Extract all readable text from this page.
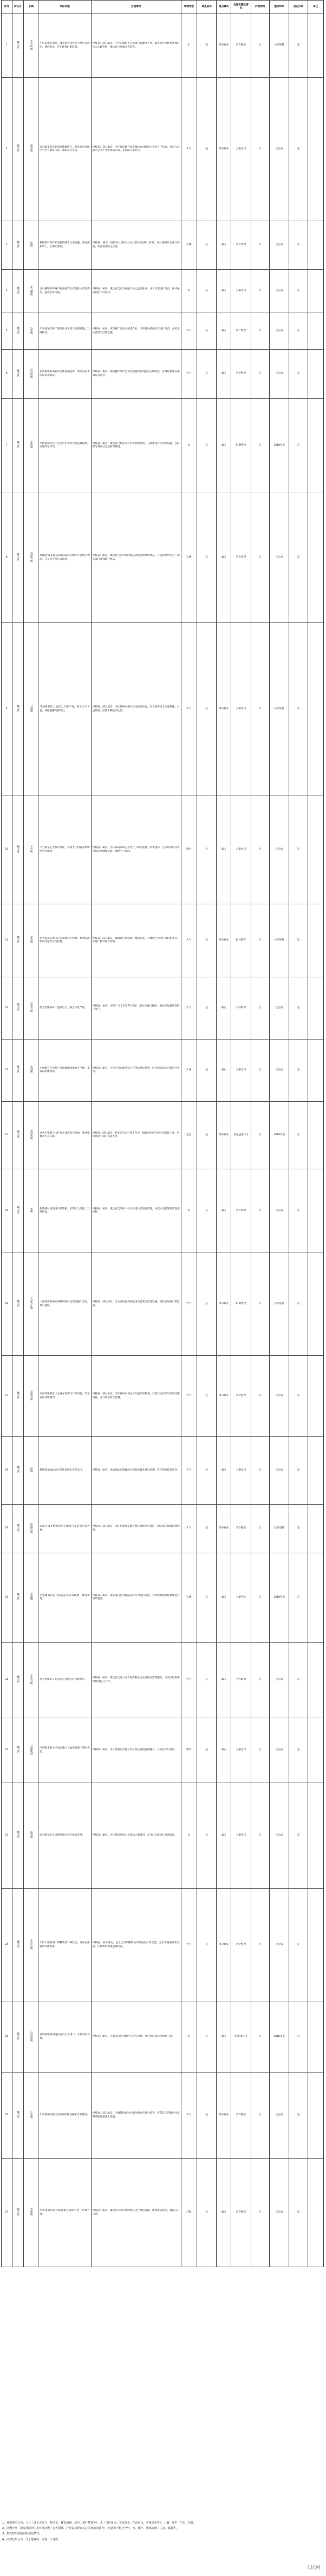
序号	所在区	乡镇	举报问题	办理情况	环境类型	调查核实	是否属实	处理和整改情况	问责情况	整改时限	是否办结	备注
1	顺义区	牛栏山镇	牛栏山镇养殖场、屠宰场等多处位于潮白河沿岸，排放废水，存在环境污染问题。	经核查：部分属实。牛栏山镇相关养殖场已按要求关停，屠宰场污水经预处理后排入市政管网，镇政府已加强日常巡查。	水	是	部分属实	责令整改	无	长期坚持	是	
2	顺义区	南彩镇	南彩镇多家企业夜间偷排废气，附近居民反映空气中有刺鼻气味，影响正常生活。	经核查：部分属实。区环保局联合南彩镇政府对周边企业进行了检查，对存在问题的企业下达整改通知书，并依法立案处罚。	大气	是	部分属实	立案处罚	无	已完成	是	
3	顺义区	杨镇	杨镇某村存在非法倾倒建筑垃圾问题，堆放面积较大，长期未清理。	经核查：属实。镇政府已组织人员对建筑垃圾进行清理，并对倾倒行为进行调查，加强巡查防止反弹。	土壤	是	属实	责令清理	无	已完成	是	
4	顺义区	北石槽镇	北石槽镇有养殖户将养殖粪污直接排入附近沟渠，造成水体污染。	经核查：属实。镇政府已责令养殖户停止违法排放，并对沟渠进行清淤，区环保局依法予以处罚。	水	是	属实	立案处罚	无	已完成	是	
5	顺义区	仁和镇	仁和镇某汽修厂喷漆作业无废气处理设施，异味扰民。	经核查：属实。该汽修厂已停止喷漆作业，区环保局依法对其进行处罚，并要求完善废气处理设施。	大气	是	属实	停产整改	无	已完成	是	
6	顺义区	后沙峪镇	后沙峪镇某商业综合体油烟直排，周边居民多次投诉未解决。	经核查：属实。相关餐饮单位已安装油烟净化设施并定期清洗，区城管执法局加强日常监管。	大气	是	属实	责令整改	无	已完成	是	
7	顺义区	李桥镇	李桥镇部分村庄生活污水未经处理直接排放，污染周边环境。	经核查：属实。镇政府已制定农村污水治理计划，分批建设污水处理设施，目前部分村庄已完成管网铺设。	水	是	属实	限期整改	无	2018年底	否	
8	顺义区	高丽营镇	高丽营镇某废品回收站露天堆放大量废旧物品，存在火灾及污染隐患。	经核查：属实。镇政府已责令该回收站清理违规堆放物品，并规范经营行为，相关部门加强联合执法。	土壤	是	属实	责令清理	无	已完成	是	
9	顺义区	马坡镇	马坡镇多处工地扬尘污染严重，渣土车未苫盖，道路遗撒问题突出。	经核查：部分属实。区住建委对相关工地进行检查，责令落实扬尘治理措施，对违规渣土运输车辆依法处罚。	大气	是	部分属实	立案处罚	无	长期坚持	是	
10	顺义区	天竺镇	天竺镇某企业噪声扰民，夜间生产机器轰鸣影响居民休息。	经核查：属实。区环保局对该企业进行了噪声监测，结果超标，已依法处罚并责令其安装降噪设施，调整生产时间。	噪声	是	属实	立案处罚	无	已完成	是	
11	顺义区	北务镇	北务镇部分农田存在焚烧秸秆现象，烟雾弥漫影响交通和空气质量。	经核查：部分属实。镇政府已加强秸秆禁烧巡查，对焚烧行为进行劝阻和处罚，并推广秸秆综合利用。	大气	是	部分属实	批评教育	无	长期坚持	是	
12	顺义区	赵全营镇	赵全营镇某砖厂违规生产，烟尘排放严重。	经核查：属实。该砖厂已于2017年关停，相关设备已拆除，镇政府加强巡查防止复产。	大气	是	属实	关停取缔	无	已完成	是	
13	顺义区	木林镇	木林镇有企业将工业固废随意堆放于空地，未采取防渗措施。	经核查：属实。企业已将固废清运至有资质单位处置，区环保局依法对其进行处罚。	土壤	是	属实	立案处罚	无	已完成	是	
14	顺义区	龙湾屯镇	龙湾屯镇部分山区存在违规采石现象，破坏植被和生态环境。	经核查：部分属实。相关采石点已停止作业，镇政府组织开展生态修复工作，区规划国土部门依法查处。	生态	是	部分属实	停止违法行为	无	2018年底	否	
15	顺义区	张镇	张镇某村河道内垃圾堆积，长期无人清理，异味明显。	经核查：属实。镇政府已组织人员对河道垃圾进行清理，并建立河长制日常巡查机制。	水	是	属实	责令清理	无	已完成	是	
16	顺义区	大孙各庄镇	大孙各庄镇多家养殖场粪污处理设施不完善，臭气扰民。	经核查：部分属实。区农业局督促养殖场完善粪污处理设施，镇政府加强日常监管。	大气	是	部分属实	限期整改	无	长期坚持	是	
17	顺义区	高丽营镇	高丽营镇某化工企业存在废气异味问题，周边居民反映强烈。	经核查：部分属实。区环保局对该企业开展专项检查，督促其完善废气收集处理设施，并开展监督性监测。	大气	是	部分属实	责令整改	无	已完成	是	
18	顺义区	杨镇	杨镇某加油站油气回收装置未正常运行。	经核查：属实。该加油站已维修油气回收装置并通过检测，区环保局依法处罚。	大气	是	属实	立案处罚	无	已完成	是	
19	顺义区	南法信镇	南法信镇某物流园区车辆尾气及扬尘污染严重。	经核查：部分属实。园区已加强车辆管理及道路清扫保洁，相关部门加强监督检查。	大气	是	部分属实	责令整改	无	长期坚持	是	
20	顺义区	李遂镇	李遂镇某村存在私挖乱采砂石现象，破坏耕地。	经核查：属实。相关部门已对违法采砂行为进行查处，并组织对被破坏耕地进行回填复垦。	土壤	是	属实	立案查处	无	2018年底	否	
21	顺义区	北小营镇	北小营镇某工业大院企业散乱污问题突出。	经核查：属实。镇政府已对工业大院内散乱污企业进行清理整治，完成关停取缔和整改提升工作。	大气	是	属实	关停取缔	无	已完成	是	
22	顺义区	空港街道	空港街道某小区周边施工工地夜间施工噪声扰民。	经核查：属实。区住建委责令施工单位停止夜间违规施工，并依法予以处罚。	噪声	是	属实	立案处罚	无	已完成	是	
23	顺义区	南彩镇	南彩镇某企业违规排放污水至雨水管网。	经核查：属实。区环保局对该企业依法立案处罚，企业已完成雨污分流改造。	水	是	属实	立案处罚	无	已完成	是	
24	顺义区	牛栏山镇	牛栏山镇某酒厂酒糟堆放异味扰民，并存在渗滤液外流现象。	经核查：部分属实。企业已对酒糟堆放场所进行封闭改造，完善渗滤液收集设施，区环保局加强监督检查。	大气	是	部分属实	责令整改	无	已完成	是	
25	顺义区	后沙峪镇	后沙峪镇某河道存在污水直排口，水体发黑发臭。	经核查：属实。区水务局已对排污口进行封堵，并启动河道综合治理工程。	水	是	属实	封堵排污口	无	2018年底	否	
26	顺义区	仁和镇	仁和镇部分餐饮店油烟净化设施未正常使用。	经核查：部分属实。区城管执法局对相关餐饮店进行检查，督促其正常使用并定期清洗油烟净化设施。	大气	是	部分属实	责令整改	无	已完成	是	
27	顺义区	李桥镇	李桥镇某村庄垃圾收集点管理不善，垃圾外溢。	经核查：属实。镇政府已对垃圾收集点进行规范管理，增加清运频次，确保日产日清。	其他	是	属实	责令整改	无	已完成	是	

1、环境类型分为：大气（含工业废气、机动车、餐饮油烟、扬尘、秸秆焚烧等）；水（含饮用水、工业废水、生活污水、养殖废水等）；土壤；噪声；生态；其他。

2、问题分类：群众反映的生态环境问题（含各领域、行业以及群众关心的环境问题等），包括但不限于空气、水、噪声、固体废物、生态、辐射等。

3、整改时限按照实际情况填写。

4、办理结果分为：马上能解决、需要一个过程。

人民网
